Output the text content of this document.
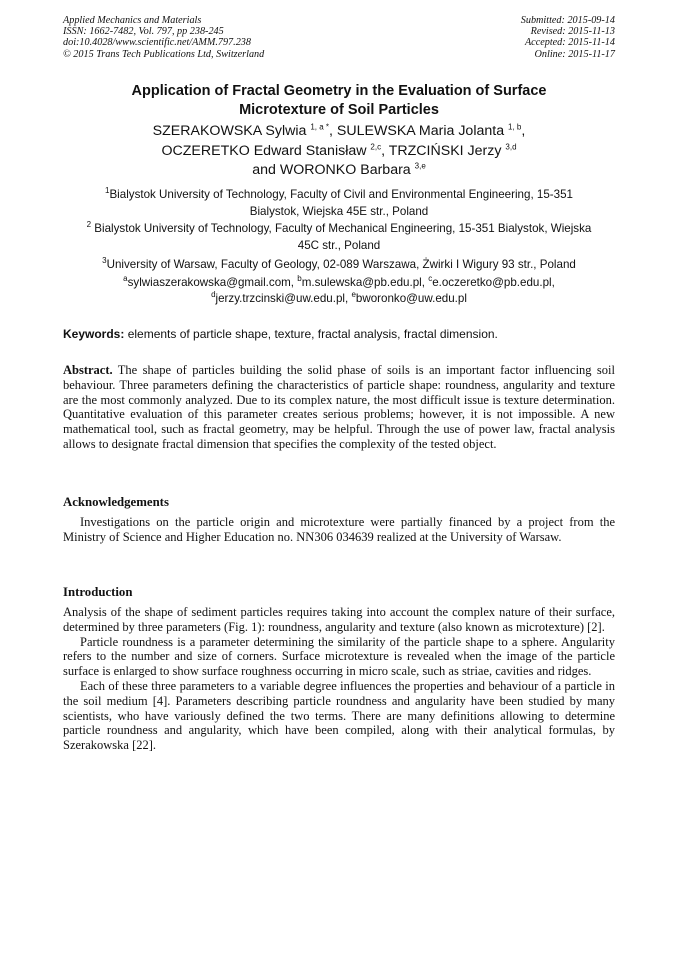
Applied Mechanics and Materials
ISSN: 1662-7482, Vol. 797, pp 238-245
doi:10.4028/www.scientific.net/AMM.797.238
© 2015 Trans Tech Publications Ltd, Switzerland
Submitted: 2015-09-14
Revised: 2015-11-13
Accepted: 2015-11-14
Online: 2015-11-17
Application of Fractal Geometry in the Evaluation of Surface
Microtexture of Soil Particles
SZERAKOWSKA Sylwia $^{1, a *}$, SULEWSKA Maria Jolanta $^{1, b}$,
OCZERETKO Edward Stanisław $^{2,c}$, TRZCIŃSKI Jerzy $^{3,d}$
and WORONKO Barbara $^{3,e}$
$^1$Bialystok University of Technology, Faculty of Civil and Environmental Engineering, 15-351
Bialystok, Wiejska 45E str., Poland
$^2$ Bialystok University of Technology, Faculty of Mechanical Engineering, 15-351 Bialystok, Wiejska
45C str., Poland
$^3$University of Warsaw, Faculty of Geology, 02-089 Warszawa, Żwirki I Wigury 93 str., Poland
$^a$sylwiaszerakowska@gmail.com, $^b$m.sulewska@pb.edu.pl, $^c$e.oczeretko@pb.edu.pl,
$^d$jerzy.trzcinski@uw.edu.pl, $^e$bworonko@uw.edu.pl
Keywords: elements of particle shape, texture, fractal analysis, fractal dimension.
Abstract. The shape of particles building the solid phase of soils is an important factor influencing soil behaviour. Three parameters defining the characteristics of particle shape: roundness, angularity and texture are the most commonly analyzed. Due to its complex nature, the most difficult issue is texture determination. Quantitative evaluation of this parameter creates serious problems; however, it is not impossible. A new mathematical tool, such as fractal geometry, may be helpful. Through the use of power law, fractal analysis allows to designate fractal dimension that specifies the complexity of the tested object.
Acknowledgements
Investigations on the particle origin and microtexture were partially financed by a project from the Ministry of Science and Higher Education no. NN306 034639 realized at the University of Warsaw.
Introduction

Analysis of the shape of sediment particles requires taking into account the complex nature of their surface, determined by three parameters (Fig. 1): roundness, angularity and texture (also known as microtexture) [2].

Particle roundness is a parameter determining the similarity of the particle shape to a sphere. Angularity refers to the number and size of corners. Surface microtexture is revealed when the image of the particle surface is enlarged to show surface roughness occurring in micro scale, such as striae, cavities and ridges.

Each of these three parameters to a variable degree influences the properties and behaviour of a particle in the soil medium [4]. Parameters describing particle roundness and angularity have been studied by many scientists, who have variously defined the two terms. There are many definitions allowing to determine particle roundness and angularity, which have been compiled, along with their analytical formulas, by Szerakowska [22].
